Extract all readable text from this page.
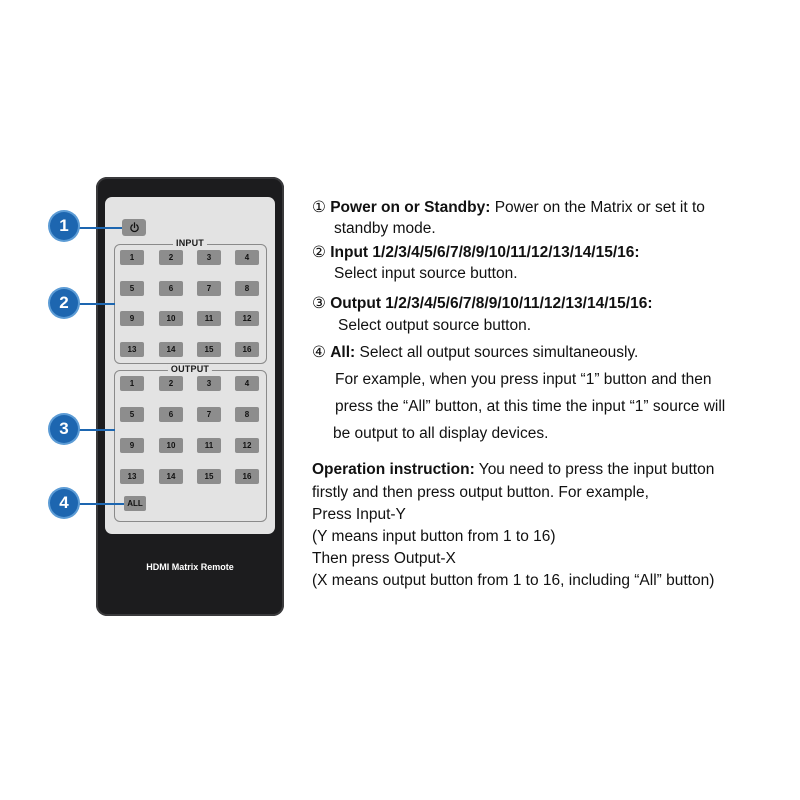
INPUT
1	2	3	4
5	6	7	8
9	10	11	12
13	14	15	16
OUTPUT
1	2	3	4
5	6	7	8
9	10	11	12
13	14	15	16
ALL
HDMI Matrix Remote
1
2
3
4
① Power on or Standby: Power on the Matrix or set it to
standby mode.
② Input 1/2/3/4/5/6/7/8/9/10/11/12/13/14/15/16:
Select input source button.
③ Output 1/2/3/4/5/6/7/8/9/10/11/12/13/14/15/16:
Select output source button.
④ All: Select all output sources simultaneously.
For example, when you press input “1” button and then
press the “All” button, at this time the input “1” source will
be output to all display devices.
Operation instruction: You need to press the input button
firstly and then press output button. For example,
Press Input-Y
(Y means input button from 1 to 16)
Then press Output-X
(X means output button from 1 to 16, including “All” button)
